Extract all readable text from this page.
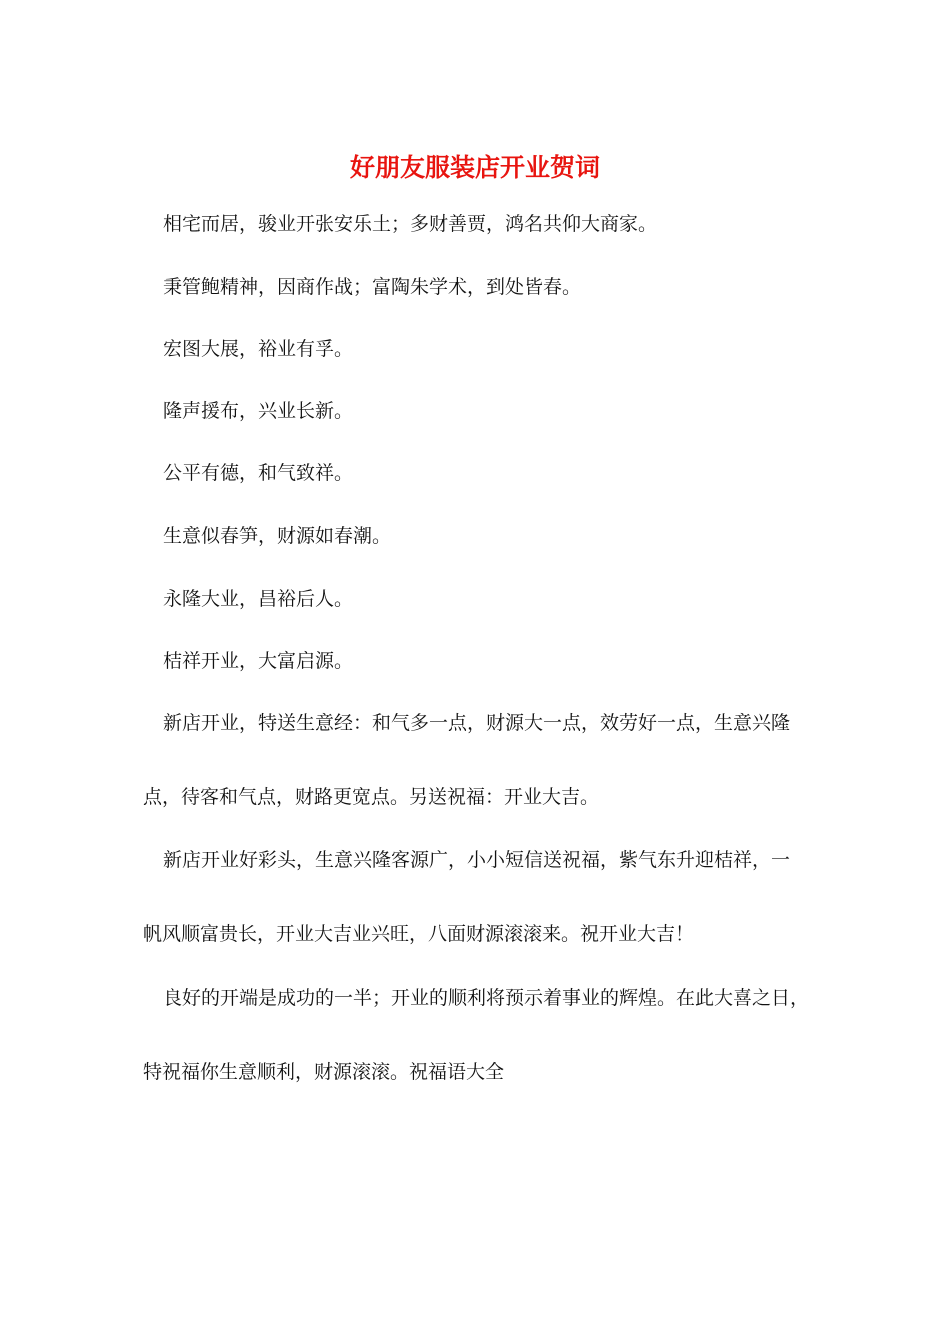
好朋友服装店开业贺词

相宅而居，骏业开张安乐土；多财善贾，鸿名共仰大商家。

秉管鲍精神，因商作战；富陶朱学术，到处皆春。

宏图大展，裕业有孚。

隆声援布，兴业长新。

公平有德，和气致祥。

生意似春笋，财源如春潮。

永隆大业，昌裕后人。

桔祥开业，大富启源。

新店开业，特送生意经：和气多一点，财源大一点，效劳好一点，生意兴隆
点，待客和气点，财路更宽点。另送祝福：开业大吉。

新店开业好彩头，生意兴隆客源广，小小短信送祝福，紫气东升迎桔祥，一
帆风顺富贵长，开业大吉业兴旺，八面财源滚滚来。祝开业大吉！

良好的开端是成功的一半；开业的顺利将预示着事业的辉煌。在此大喜之日，
特祝福你生意顺利，财源滚滚。祝福语大全
